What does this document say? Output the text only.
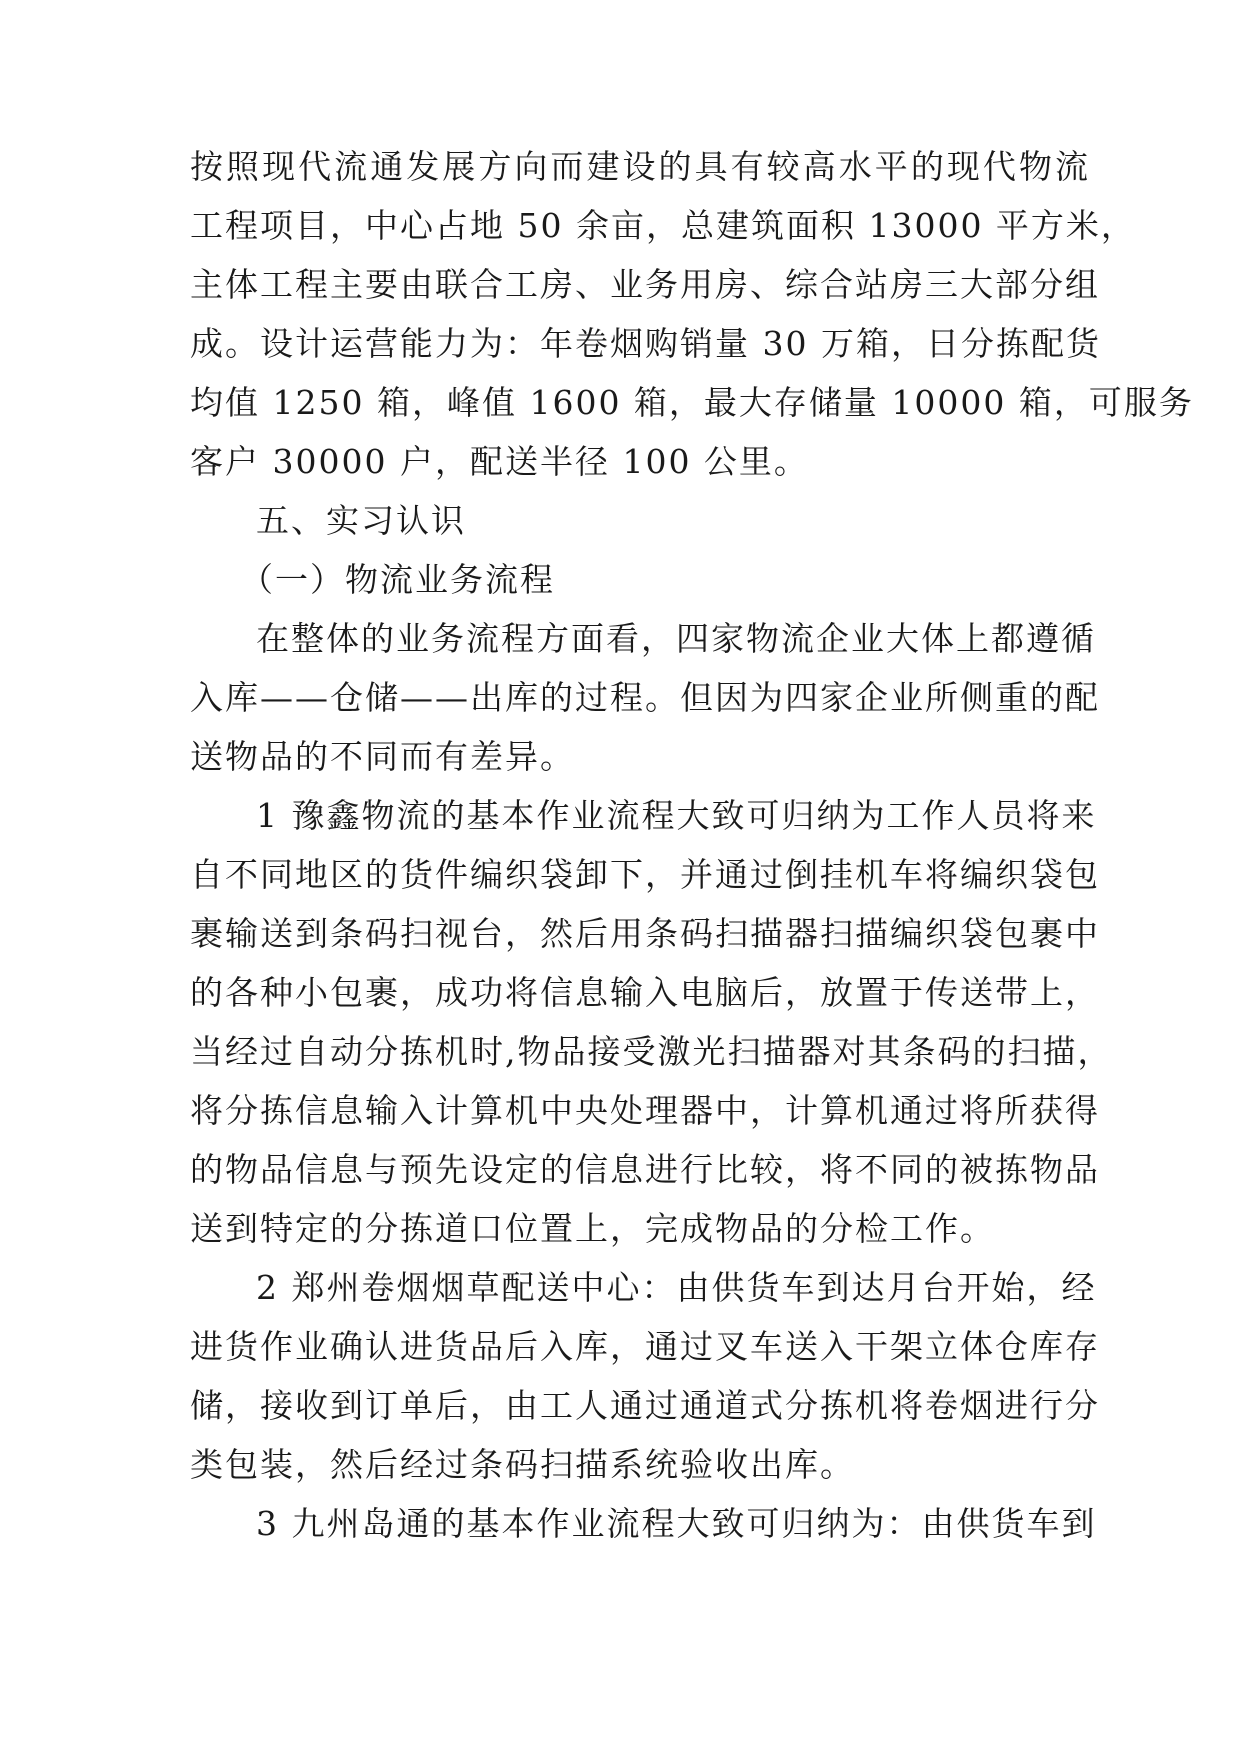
按照现代流通发展方向而建设的具有较高水平的现代物流
工程项目，中心占地 50 余亩，总建筑面积 13000 平方米，
主体工程主要由联合工房、业务用房、综合站房三大部分组
成。设计运营能力为：年卷烟购销量 30 万箱，日分拣配货
均值 1250 箱，峰值 1600 箱，最大存储量 10000 箱，可服务
客户 30000 户，配送半径 100 公里。
五、实习认识
（一）物流业务流程
在整体的业务流程方面看，四家物流企业大体上都遵循
入库——仓储——出库的过程。但因为四家企业所侧重的配
送物品的不同而有差异。
1 豫鑫物流的基本作业流程大致可归纳为工作人员将来
自不同地区的货件编织袋卸下，并通过倒挂机车将编织袋包
裹输送到条码扫视台，然后用条码扫描器扫描编织袋包裹中
的各种小包裹，成功将信息输入电脑后，放置于传送带上，
当经过自动分拣机时,物品接受激光扫描器对其条码的扫描，
将分拣信息输入计算机中央处理器中，计算机通过将所获得
的物品信息与预先设定的信息进行比较，将不同的被拣物品
送到特定的分拣道口位置上，完成物品的分检工作。
2 郑州卷烟烟草配送中心：由供货车到达月台开始，经
进货作业确认进货品后入库，通过叉车送入干架立体仓库存
储，接收到订单后，由工人通过通道式分拣机将卷烟进行分
类包装，然后经过条码扫描系统验收出库。
3 九州岛通的基本作业流程大致可归纳为：由供货车到
